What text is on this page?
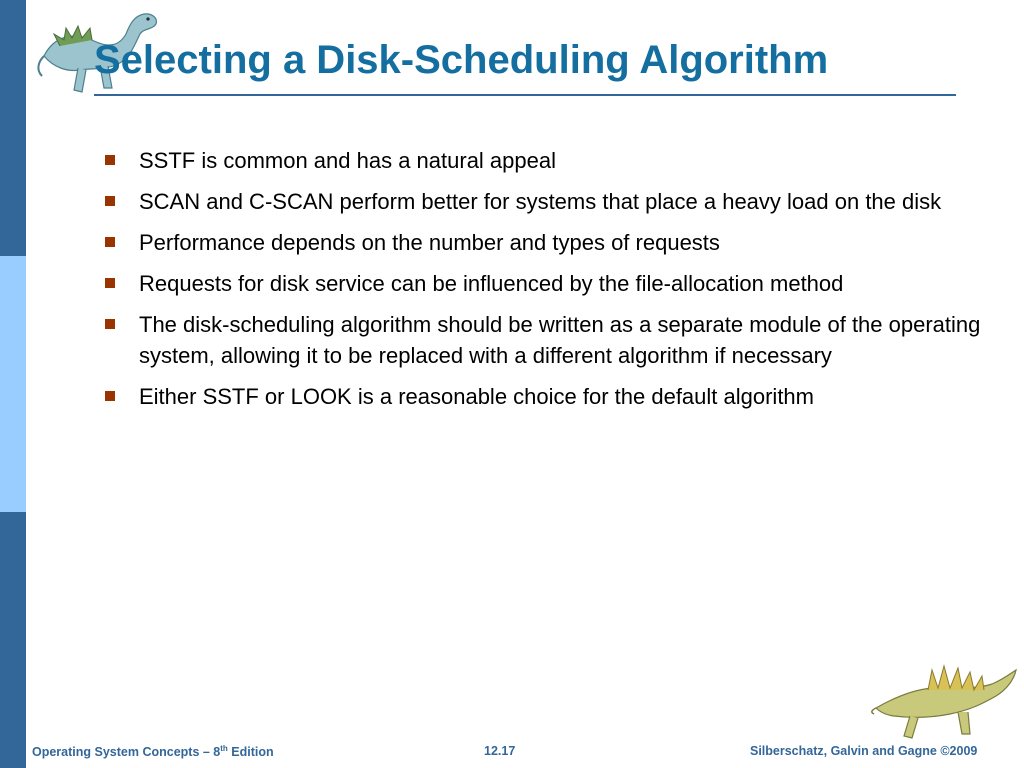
Selecting a Disk-Scheduling Algorithm
SSTF is common and has a natural appeal
SCAN and C-SCAN perform better for systems that place a heavy load on the disk
Performance depends on the number and types of requests
Requests for disk service can be influenced by the file-allocation method
The disk-scheduling algorithm should be written as a separate module of the operating system, allowing it to be replaced with a different algorithm if necessary
Either SSTF or LOOK is a reasonable choice for the default algorithm
Operating System Concepts – 8th Edition	12.17	Silberschatz, Galvin and Gagne ©2009
